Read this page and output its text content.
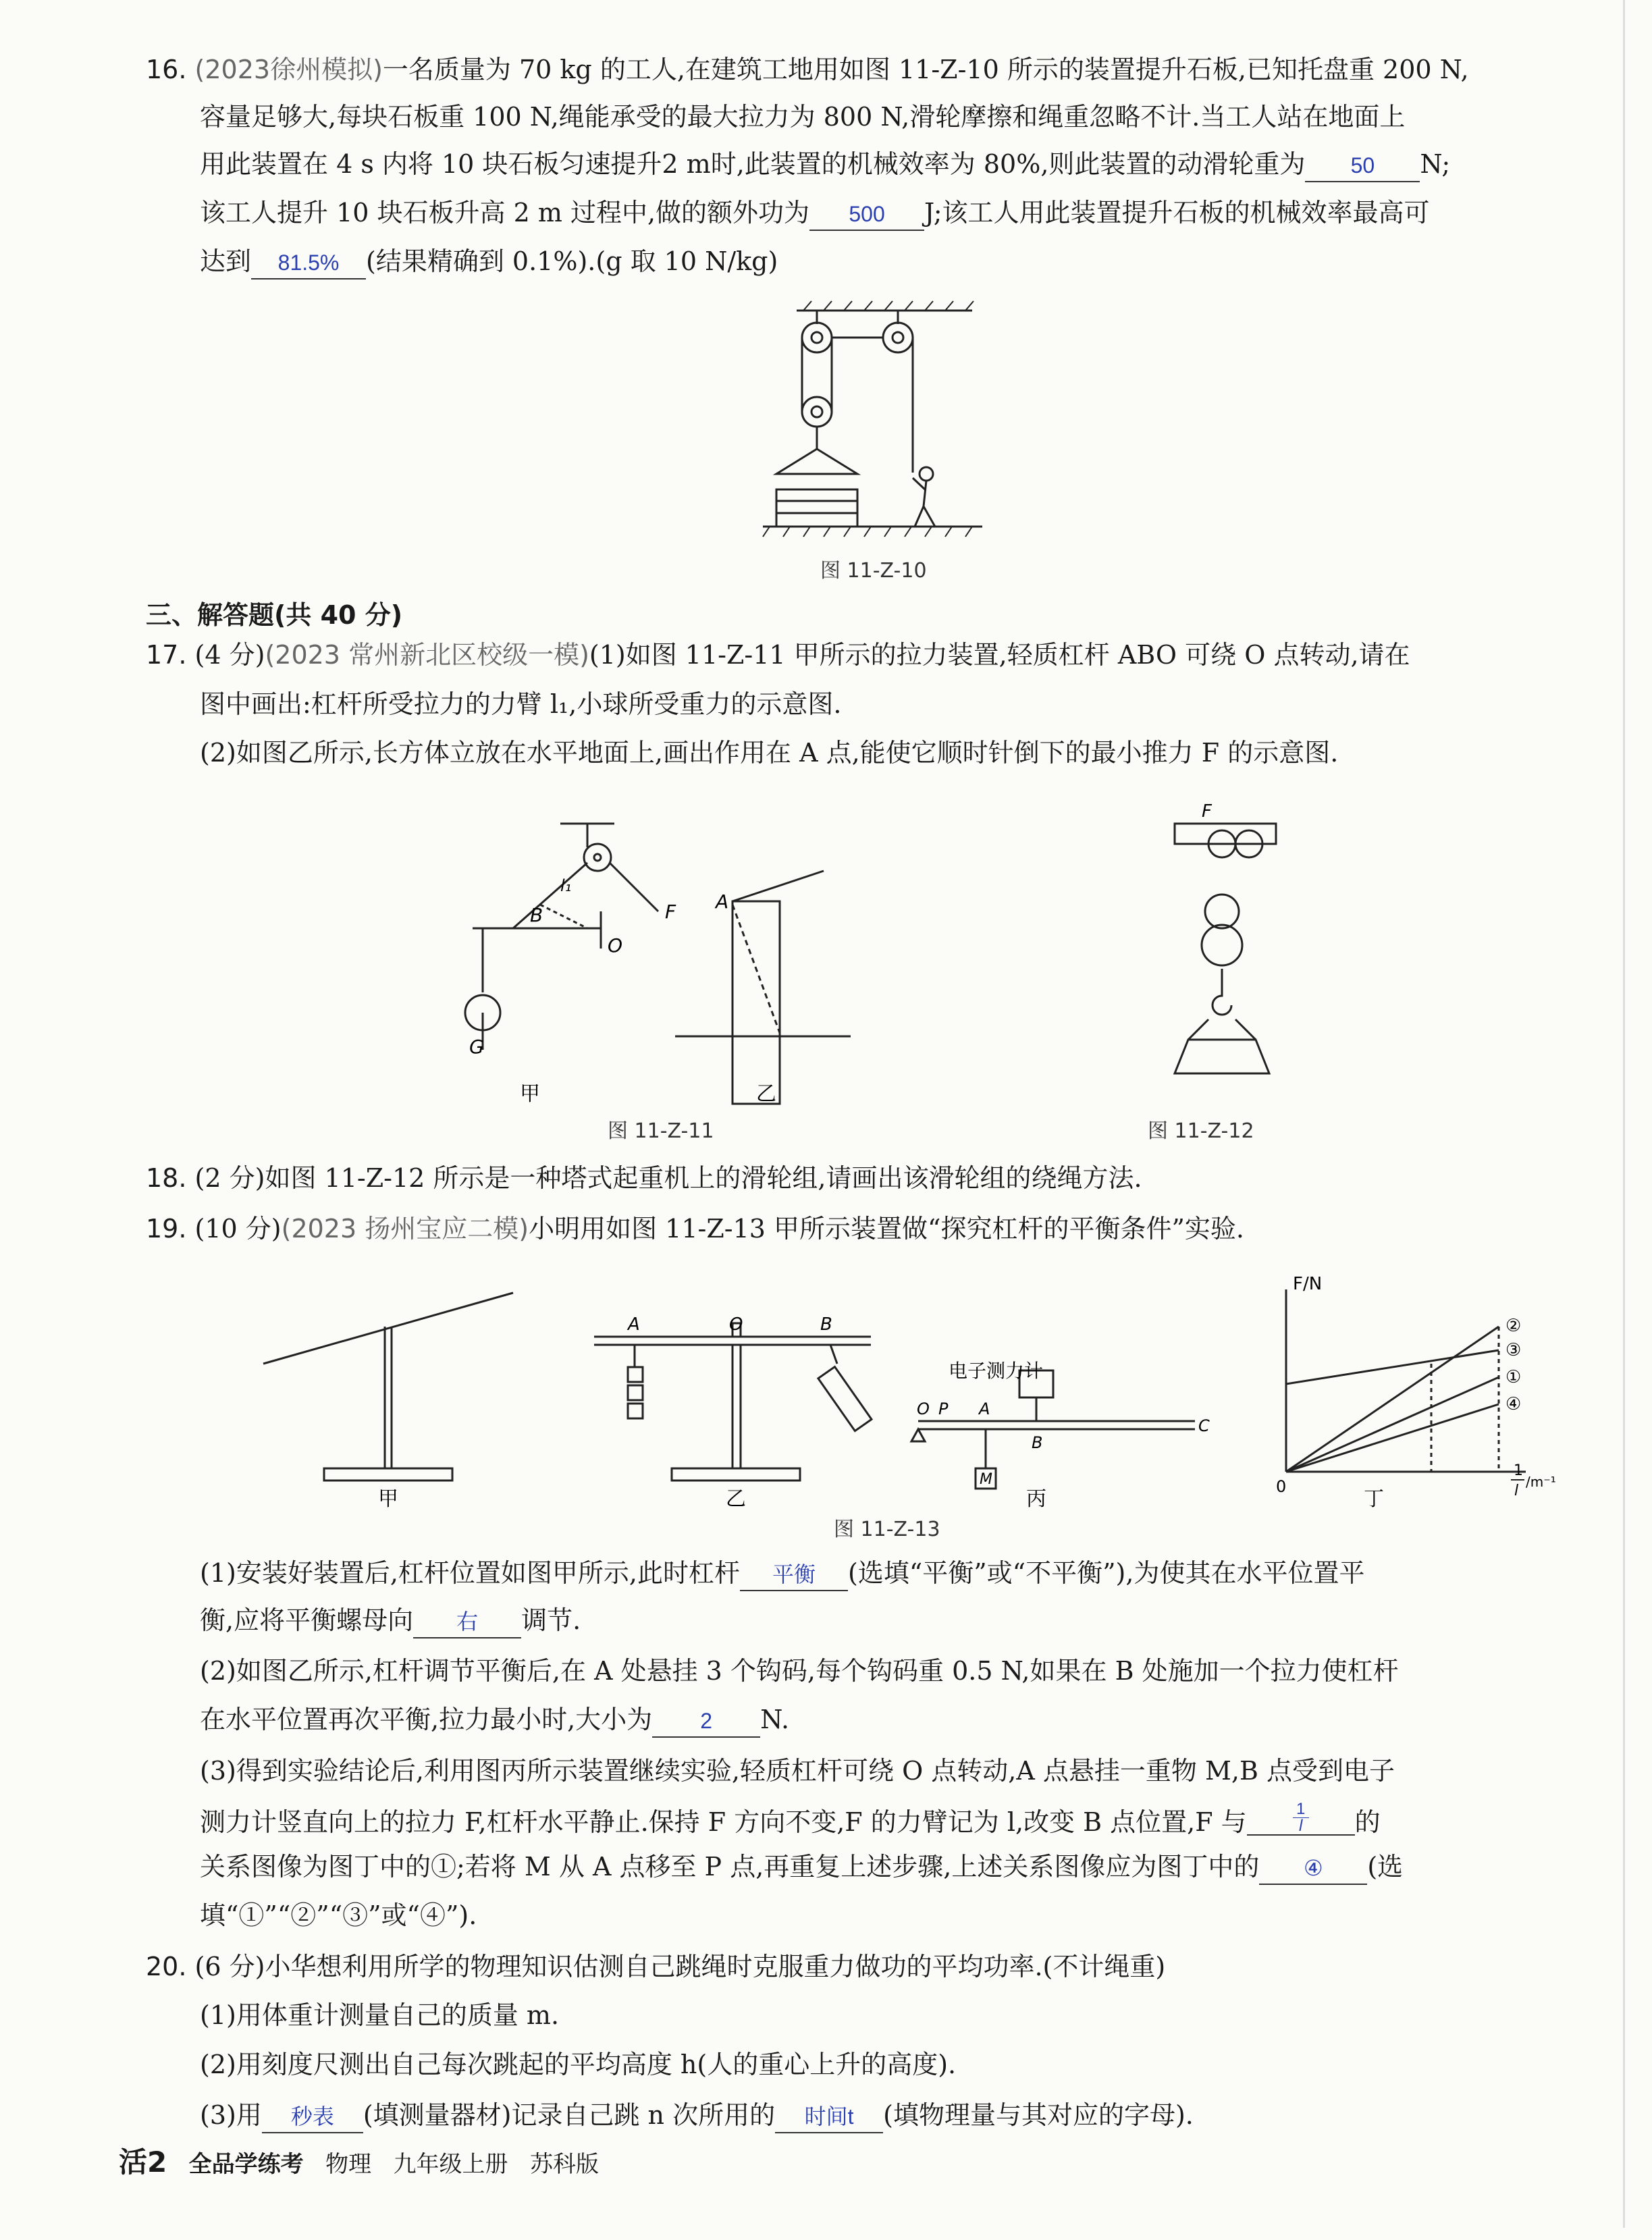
16. (2023徐州模拟)一名质量为 70 kg 的工人,在建筑工地用如图 11-Z-10 所示的装置提升石板,已知托盘重 200 N,
容量足够大,每块石板重 100 N,绳能承受的最大拉力为 800 N,滑轮摩擦和绳重忽略不计.当工人站在地面上
用此装置在 4 s 内将 10 块石板匀速提升2 m时,此装置的机械效率为 80%,则此装置的动滑轮重为 50 N;
该工人提升 10 块石板升高 2 m 过程中,做的额外功为 500 J;该工人用此装置提升石板的机械效率最高可
达到 81.5% (结果精确到 0.1%).(g 取 10 N/kg)
图 11-Z-10
三、解答题(共 40 分)
17. (4 分)(2023 常州新北区校级一模)(1)如图 11-Z-11 甲所示的拉力装置,轻质杠杆 ABO 可绕 O 点转动,请在
图中画出:杠杆所受拉力的力臂 l₁,小球所受重力的示意图.
(2)如图乙所示,长方体立放在水平地面上,画出作用在 A 点,能使它顺时针倒下的最小推力 F 的示意图.
B
O
F
G
l₁
A
甲	乙
图 11-Z-11
F
图 11-Z-12
18. (2 分)如图 11-Z-12 所示是一种塔式起重机上的滑轮组,请画出该滑轮组的绕绳方法.
19. (10 分)(2023 扬州宝应二模)小明用如图 11-Z-13 甲所示装置做“探究杠杆的平衡条件”实验.
O
A	B
电子测力计
O P A
B
C
M
F/N
0
1
l
/m⁻¹
②
③
①
④
甲	乙	丙	丁
图 11-Z-13
(1)安装好装置后,杠杆位置如图甲所示,此时杠杆 平衡 (选填“平衡”或“不平衡”),为使其在水平位置平
衡,应将平衡螺母向 右 调节.
(2)如图乙所示,杠杆调节平衡后,在 A 处悬挂 3 个钩码,每个钩码重 0.5 N,如果在 B 处施加一个拉力使杠杆
在水平位置再次平衡,拉力最小时,大小为 2 N.
(3)得到实验结论后,利用图丙所示装置继续实验,轻质杠杆可绕 O 点转动,A 点悬挂一重物 M,B 点受到电子
测力计竖直向上的拉力 F,杠杆水平静止.保持 F 方向不变,F 的力臂记为 l,改变 B 点位置,F 与 $\frac{1}{l}$ 的
关系图像为图丁中的①;若将 M 从 A 点移至 P 点,再重复上述步骤,上述关系图像应为图丁中的 ④ (选
填“①”“②”“③”或“④”).
20. (6 分)小华想利用所学的物理知识估测自己跳绳时克服重力做功的平均功率.(不计绳重)
(1)用体重计测量自己的质量 m.
(2)用刻度尺测出自己每次跳起的平均高度 h(人的重心上升的高度).
(3)用 秒表 (填测量器材)记录自己跳 n 次所用的 时间t (填物理量与其对应的字母).
活2 全品学练考 物理 九年级上册 苏科版
